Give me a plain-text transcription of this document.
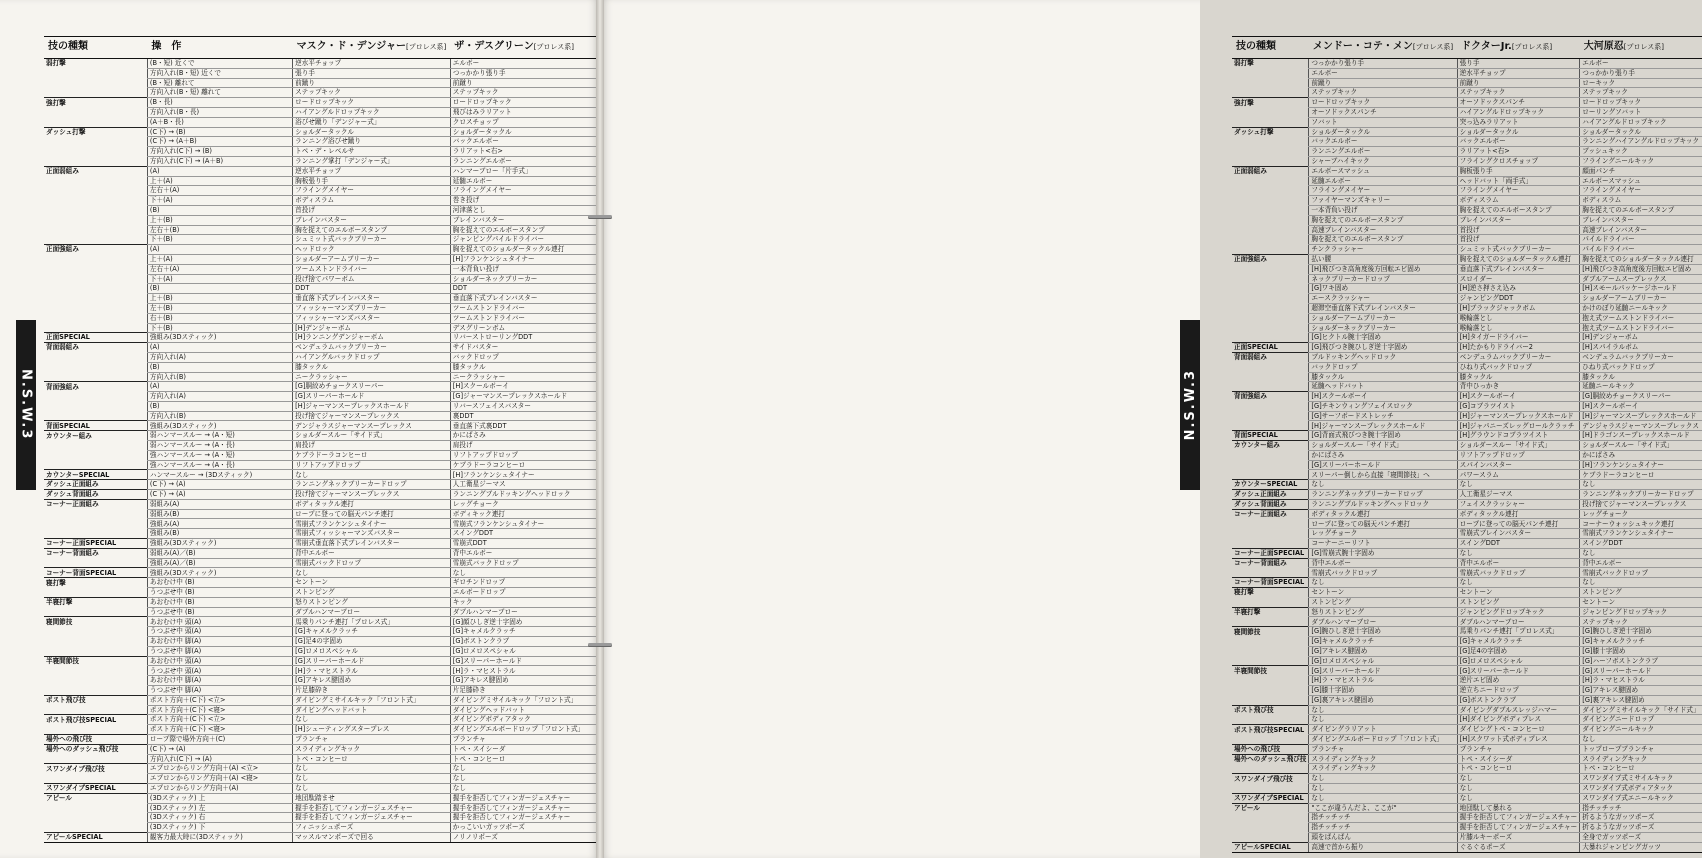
技の種類	操　作	マスク・ド・デンジャー[プロレス系]	ザ・デスグリーン[プロレス系]
弱打撃	(B・短) 近くで	逆水平チョップ	エルボー
	方向入れ(B・短) 近くで	張り手	つっかかり張り手
	(B・短) 離れて	前蹴り	前蹴り
	方向入れ(B・短) 離れて	ステップキック	ステップキック
強打撃	(B・長)	ロードロップキック	ロードロップキック
	方向入れ(B・長)	ハイアングルドロップキック	飛びはみラリアット
	(A＋B・長)	浴びせ蹴り「デンジャー式」	クロスチョップ
ダッシュ打撃	(C下) → (B)	ショルダータックル	ショルダータックル
	(C下) → (A＋B)	ランニング浴びせ蹴り	バックエルボー
	方向入れ(C下) → (B)	トペ・デ・レベルサ	ラリアット<右>
	方向入れ(C下) → (A＋B)	ランニング掌打「デンジャー式」	ランニングエルボー
正面弱組み	(A)	逆水平チョップ	ハンマーブロー「片手式」
	上＋(A)	胸板張り手	延髄エルボー
	左右＋(A)	フライングメイヤー	フライングメイヤー
	下＋(A)	ボディスラム	巻き投げ
	(B)	首投げ	河津落とし
	上＋(B)	ブレインバスター	ブレインバスター
	左右＋(B)	胸を捉えてのエルボースタンプ	胸を捉えてのエルボースタンプ
	下＋(B)	シュミット式バックブリーカー	ジャンピングパイルドライバー
正面強組み	(A)	ヘッドロック	胸を捉えてのショルダータックル連打
	上＋(A)	ショルダーアームブリーカー	[H]フランケンシュタイナー
	左右＋(A)	ツームストンドライバー	一本背負い投げ
	下＋(A)	投げ捨てパワーボム	ショルダーネックブリーカー
	(B)	DDT	DDT
	上＋(B)	垂直落下式ブレインバスター	垂直落下式ブレインバスター
	左＋(B)	フィッシャーマンズブリーカー	ツームストンドライバー
	右＋(B)	フィッシャーマンズバスター	ツームストンドライバー
	下＋(B)	[H]デンジャーボム	デスグリーンボム
正面SPECIAL	強組み(3Dスティック)	[H]ランニングデンジャーボム	リバーストローリングDDT
背面弱組み	(A)	ベンデュラムバックブリーカー	サイドバスター
	方向入れ(A)	ハイアングルバックドロップ	バックドロップ
	(B)	膝タックル	膝タックル
	方向入れ(B)	ニークラッシャー	ニークラッシャー
背面強組み	(A)	[G]胴絞めチョークスリーパー	[H]スクールボーイ
	方向入れ(A)	[G]スリーパーホールド	[G]ジャーマンスープレックスホールド
	(B)	[H]ジャーマンスープレックスホールド	リバースフェイスバスター
	方向入れ(B)	投げ捨てジャーマンスープレックス	裏DDT
背面SPECIAL	強組み(3Dスティック)	デンジャラスジャーマンスープレックス	垂直落下式裏DDT
カウンター組み	弱ハンマースルー → (A・短)	ショルダースルー「サイド式」	かにばさみ
	弱ハンマースルー → (A・長)	肩投げ	肩投げ
	強ハンマースルー → (A・短)	ケブラドーラコンヒーロ	リフトアップドロップ
	強ハンマースルー → (A・長)	リフトアップドロップ	ケブラドーラコンヒーロ
カウンターSPECIAL	ハンマースルー → (3Dスティック)	なし	[H]フランケンシュタイナー
ダッシュ正面組み	(C下) → (A)	ランニングネックブリーカードロップ	人工衛星ジーマス
ダッシュ背面組み	(C下) → (A)	投げ捨てジャーマンスープレックス	ランニングブルドッキングヘッドロック
コーナー正面組み	弱組み(A)	ボディタックル連打	レッグチョーク
	弱組み(B)	ロープに登っての脳天パンチ連打	ボディキック連打
	強組み(A)	雪崩式フランケンシュタイナー	雪崩式フランケンシュタイナー
	強組み(B)	雪崩式フィッシャーマンズバスター	スイングDDT
コーナー正面SPECIAL	強組み(3Dスティック)	雪崩式垂直落下式ブレインバスター	雪崩式DDT
コーナー背面組み	弱組み(A)／(B)	背中エルボー	背中エルボー
	強組み(A)／(B)	雪崩式バックドロップ	雪崩式バックドロップ
コーナー背面SPECIAL	強組み(3Dスティック)	なし	なし
寝打撃	あおむけ中 (B)	セントーン	ギロチンドロップ
	うつぶせ中 (B)	ストンピング	エルボードロップ
半寝打撃	あおむけ中 (B)	怒りストンピング	キック
	うつぶせ中 (B)	ダブルハンマーブロー	ダブルハンマーブロー
寝間節技	あおむけ中 頭(A)	馬乗りパンチ連打「プロレス式」	[G]顔ひしぎ逆十字固め
	うつぶせ中 頭(A)	[G]キャメルクラッチ	[G]キャメルクラッチ
	あおむけ中 脚(A)	[G]足4の字固め	[G]ボストンクラブ
	うつぶせ中 脚(A)	[G]ロメロスペシャル	[G]ロメロスペシャル
半寝間節技	あおむけ中 頭(A)	[G]スリーパーホールド	[G]スリーパーホールド
	うつぶせ中 頭(A)	[H]ラ・マヒストラル	[H]ラ・マヒストラル
	あおむけ中 脚(A)	[G]アキレス腱固め	[G]アキレス腱固め
	うつぶせ中 脚(A)	片足膝砕き	片足膝砕き
ポスト飛び技	ポスト方向＋(C下) <立>	ダイビングミサイルキック「フロント式」	ダイビングミサイルキック「フロント式」
	ポスト方向＋(C下) <寝>	ダイビングヘッドバット	ダイビングヘッドバット
ポスト飛び技SPECIAL	ポスト方向＋(C下) <立>	なし	ダイビングボディアタック
	ポスト方向＋(C下) <寝>	[H]シューティングスタープレス	ダイビングエルボードロップ「フロント式」
場外への飛び技	ロープ際で場外方向＋(C)	プランチャ	プランチャ
場外へのダッシュ飛び技	(C下) → (A)	スライディングキック	トペ・スイシーダ
	方向入れ(C下) → (A)	トペ・コンヒーロ	トペ・コンヒーロ
スワンダイブ飛び技	エプロンからリング方向＋(A) <立>	なし	なし
	エプロンからリング方向＋(A) <寝>	なし	なし
スワンダイブSPECIAL	エプロンからリング方向＋(A)	なし	なし
アピール	(3Dスティック) 上	地団駄踏ませ	握手を拒否してフィンガージェスチャー
	(3Dスティック) 左	握手を拒否してフィンガージェスチャー	握手を拒否してフィンガージェスチャー
	(3Dスティック) 右	握手を拒否してフィンガージェスチャー	握手を拒否してフィンガージェスチャー
	(3Dスティック) 下	フィニッシュポーズ	かっこいいガッツポーズ
アピールSPECIAL	観客力最大時に(3Dスティック)	マッスルマンポーズで回る	ノリノリポーズ
技の種類	メンドー・コテ・メン[プロレス系]	ドクターJr.[プロレス系]	大河原忍[プロレス系]
弱打撃	つっかかり張り手	張り手	エルボー
	エルボー	逆水平チョップ	つっかかり張り手
	前蹴り	前蹴り	ローキック
	ステップキック	ステップキック	ステップキック
強打撃	ロードロップキック	オーソドックスパンチ	ロードロップキック
	オーソドックスパンチ	ハイアングルドロップキック	ローリングソバット
	ソバット	突っ込みラリアット	ハイアングルドロップキック
ダッシュ打撃	ショルダータックル	ショルダータックル	ショルダータックル
	バックエルボー	バックエルボー	ランニングハイアングルドロップキック
	ランニングエルボー	ラリアット<右>	ブッシュキック
	シャーブハイキック	フライングクロスチョップ	フライングニールキック
正面弱組み	エルボースマッシュ	胸板張り手	顔面パンチ
	延髄エルボー	ヘッドバット「両手式」	エルボースマッシュ
	フライングメイヤー	フライングメイヤー	フライングメイヤー
	ファイヤーマンズキャリー	ボディスラム	ボディスラム
	一本背負い投げ	胸を捉えてのエルボースタンプ	胸を捉えてのエルボースタンプ
	胸を捉えてのエルボースタンプ	ブレインバスター	ブレインバスター
	高速ブレインバスター	首投げ	高速ブレインバスター
	胸を捉えてのエルボースタンプ	首投げ	パイルドライバー
	チンクラッシャー	シュミット式バックブリーカー	パイルドライバー
正面強組み	払い腰	胸を捉えてのショルダータックル連打	胸を捉えてのショルダータックル連打
	[H]飛びつき高角度後方回転エビ固め	垂直落下式ブレインバスター	[H]飛びつき高角度後方回転エビ固め
	ネックブリーカードロップ	スロイダー	ダブルアームスープレックス
	[G]ワキ固め	[H]逆さ押さえ込み	[H]スモールパッケージホールド
	エースクラッシャー	ジャンピングDDT	ショルダーアームブリーカー
	超滞空垂直落下式ブレインバスター	[H]ブラックジャックボム	かけのぼり延髄ニールキック
	ショルダーアームブリーカー	喉輪落とし	抱え式ツームストンドライバー
	ショルダーネックブリーカー	喉輪落とし	抱え式ツームストンドライバー
	[G]ヒクトル腕十字固め	[H]タイガードライバー	[H]デンジャーボム
正面SPECIAL	[G]飛びつき腕ひしぎ逆十字固め	[H]たかもりドライバー2	[H]スパイラルボム
背面弱組み	ブルドッキングヘッドロック	ベンデュラムバックブリーカー	ベンデュラムバックブリーカー
	バックドロップ	ひねり式バックドロップ	ひねり式バックドロップ
	膝タックル	膝タックル	膝タックル
	延髄ヘッドバット	背中ひっかき	延髄ニールキック
背面強組み	[H]スクールボーイ	[H]スクールボーイ	[G]胴絞めチョークスリーパー
	[G]チキンウィングフェイスロック	[G]コブラツイスト	[H]スクールボーイ
	[G]サーフボードストレッチ	[H]ジャーマンスープレックスホールド	[H]ジャーマンスープレックスホールド
	[H]ジャーマンスープレックスホールド	[H]ジャパニーズレッグロールクラッチ	デンジャラスジャーマンスープレックス
背面SPECIAL	[G]背面式飛びつき腕十字固め	[H]グラウンドコブラツイスト	[H]ドラゴンスープレックスホールド
カウンター組み	ショルダースルー「サイド式」	ショルダースルー「サイド式」	ショルダースルー「サイド式」
	かにばさみ	リフトアップドロップ	かにばさみ
	[G]スリーパーホールド	スパインバスター	[H]フランケンシュタイナー
	スリーパー倒しから直接「寝間節技」へ	パワースラム	ケブラドーラコンヒーロ
カウンターSPECIAL	なし	なし	なし
ダッシュ正面組み	ランニングネックブリーカードロップ	人工衛星ジーマス	ランニングネックブリーカードロップ
ダッシュ背面組み	ランニングブルドッキングヘッドロック	フェイスクラッシャー	投げ捨てジャーマンスープレックス
コーナー正面組み	ボディタックル連打	ボディタックル連打	レッグチョーク
	ロープに登っての脳天パンチ連打	ロープに登っての脳天パンチ連打	コーナーウォッシュキック連打
	レッグチョーク	雪崩式ブレインバスター	雪崩式フランケンシュタイナー
	コーナーニーリフト	スイングDDT	スイングDDT
コーナー正面SPECIAL	[G]雪崩式腕十字固め	なし	なし
コーナー背面組み	背中エルボー	背中エルボー	背中エルボー
	雪崩式バックドロップ	雪崩式バックドロップ	雪崩式バックドロップ
コーナー背面SPECIAL	なし	なし	なし
寝打撃	セントーン	セントーン	ストンピング
	ストンピング	ストンピング	セントーン
半寝打撃	怒りストンピング	ジャンピングドロップキック	ジャンピングドロップキック
	ダブルハンマーブロー	ダブルハンマーブロー	ステップキック
寝間節技	[G]腕ひしぎ逆十字固め	馬乗りパンチ連打「プロレス式」	[G]腕ひしぎ逆十字固め
	[G]キャメルクラッチ	[G]キャメルクラッチ	[G]キャメルクラッチ
	[G]アキレス腱固め	[G]足4の字固め	[G]膝十字固め
	[G]ロメロスペシャル	[G]ロメロスペシャル	[G]ハーフボストンクラブ
半寝間節技	[G]スリーパーホールド	[G]スリーパーホールド	[G]スリーパーホールド
	[H]ラ・マヒストラル	逆片エビ固め	[H]ラ・マヒストラル
	[G]膝十字固め	逆立ちニードロップ	[G]アキレス腱固め
	[G]裏アキレス腱固め	[G]ボストンクラブ	[G]裏アキレス腱固め
ポスト飛び技	なし	ダイビングダブルスレッジハマー	ダイビングミサイルキック「サイド式」
	なし	[H]ダイビングボディプレス	ダイビングニードロップ
ポスト飛び技SPECIAL	ダイビングラリアット	ダイビングトペ・コンヒーロ	ダイビングニールキック
	ダイビングエルボードロップ「フロント式」	[H]スクワット式ボディプレス	なし
場外への飛び技	プランチャ	プランチャ	トップロープブランチャ
場外へのダッシュ飛び技	スライディングキック	トペ・スイシーダ	スライディングキック
	スライディングキック	トペ・コンヒーロ	トペ・コンヒーロ
スワンダイブ飛び技	なし	なし	スワンダイブ式ミサイルキック
	なし	なし	スワンダイブ式ボディアタック
スワンダイブSPECIAL	なし	なし	スワンダイブ式エニールキック
アピール	"ここが違うんだよ、ここが"	地団駄して暴れる	指チッチッチ
	指チッチッチ	握手を拒否してフィンガージェスチャー	折るようなガッツポーズ
	指チッチッチ	握手を拒否してフィンガージェスチャー	折るようなガッツポーズ
	頭をぱんぱん	片膝ルキーポーズ	全身でガッツポーズ
アピールSPECIAL	高速で首から振り	ぐるぐるポーズ	大暴れジャンピングガッツ
N.S.W.3	N.S.W.3
